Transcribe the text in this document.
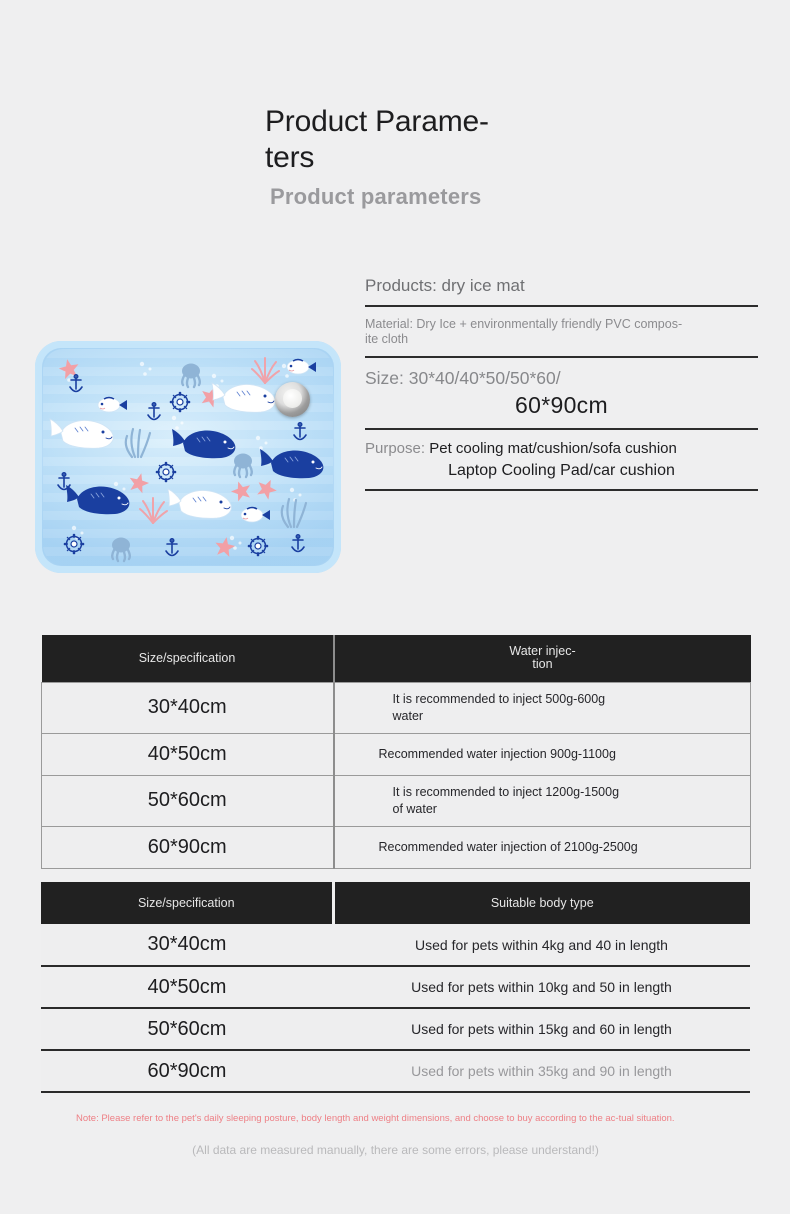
Product Parame-
ters
Product parameters
Products: dry ice mat
Material: Dry Ice + environmentally friendly PVC compos-
ite cloth
Size: 30*40/40*50/50*60/
60*90cm
Purpose: Pet cooling mat/cushion/sofa cushion
Laptop Cooling Pad/car cushion
Size/specification	Water injec-
tion

30*40cm	It is recommended to inject 500g-600g
water

40*50cm	Recommended water injection 900g-1100g

50*60cm	It is recommended to inject 1200g-1500g
of water

60*90cm	Recommended water injection of 2100g-2500g
Size/specification	Suitable body type
30*40cm	Used for pets within 4kg and 40 in length
40*50cm	Used for pets within 10kg and 50 in length
50*60cm	Used for pets within 15kg and 60 in length
60*90cm	Used for pets within 35kg and 90 in length
Note: Please refer to the pet's daily sleeping posture, body length and weight dimensions, and choose to buy according to the ac-tual situation.
(All data are measured manually, there are some errors, please understand!)
